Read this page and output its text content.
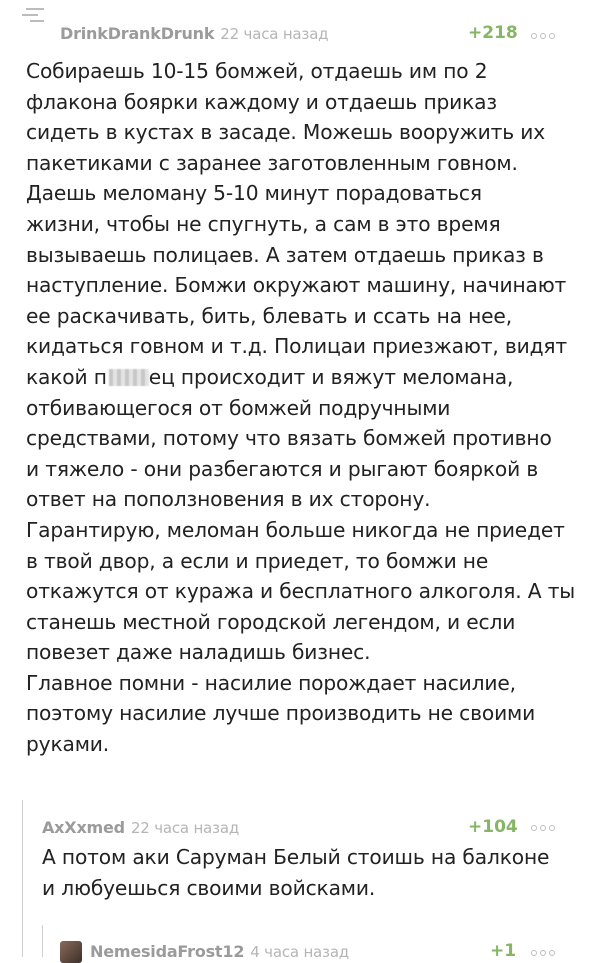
DrinkDrankDrunk 22 часа назад	+218
Собираешь 10-15 бомжей, отдаешь им по 2
флакона боярки каждому и отдаешь приказ
сидеть в кустах в засаде. Можешь вооружить их
пакетиками с заранее заготовленным говном.
Даешь меломану 5-10 минут порадоваться
жизни, чтобы не спугнуть, а сам в это время
вызываешь полицаев. А затем отдаешь приказ в
наступление. Бомжи окружают машину, начинают
ее раскачивать, бить, блевать и ссать на нее,
кидаться говном и т.д. Полицаи приезжают, видят
какой п ец происходит и вяжут меломана,
отбивающегося от бомжей подручными
средствами, потому что вязать бомжей противно
и тяжело - они разбегаются и рыгают бояркой в
ответ на поползновения в их сторону.
Гарантирую, меломан больше никогда не приедет
в твой двор, а если и приедет, то бомжи не
откажутся от куража и бесплатного алкоголя. А ты
станешь местной городской легендом, и если
повезет даже наладишь бизнес.
Главное помни - насилие порождает насилие,
поэтому насилие лучше производить не своими
руками.
AxXxmed 22 часа назад	+104
А потом аки Саруман Белый стоишь на балконе
и любуешься своими войсками.
NemesidaFrost12 4 часа назад	+1
